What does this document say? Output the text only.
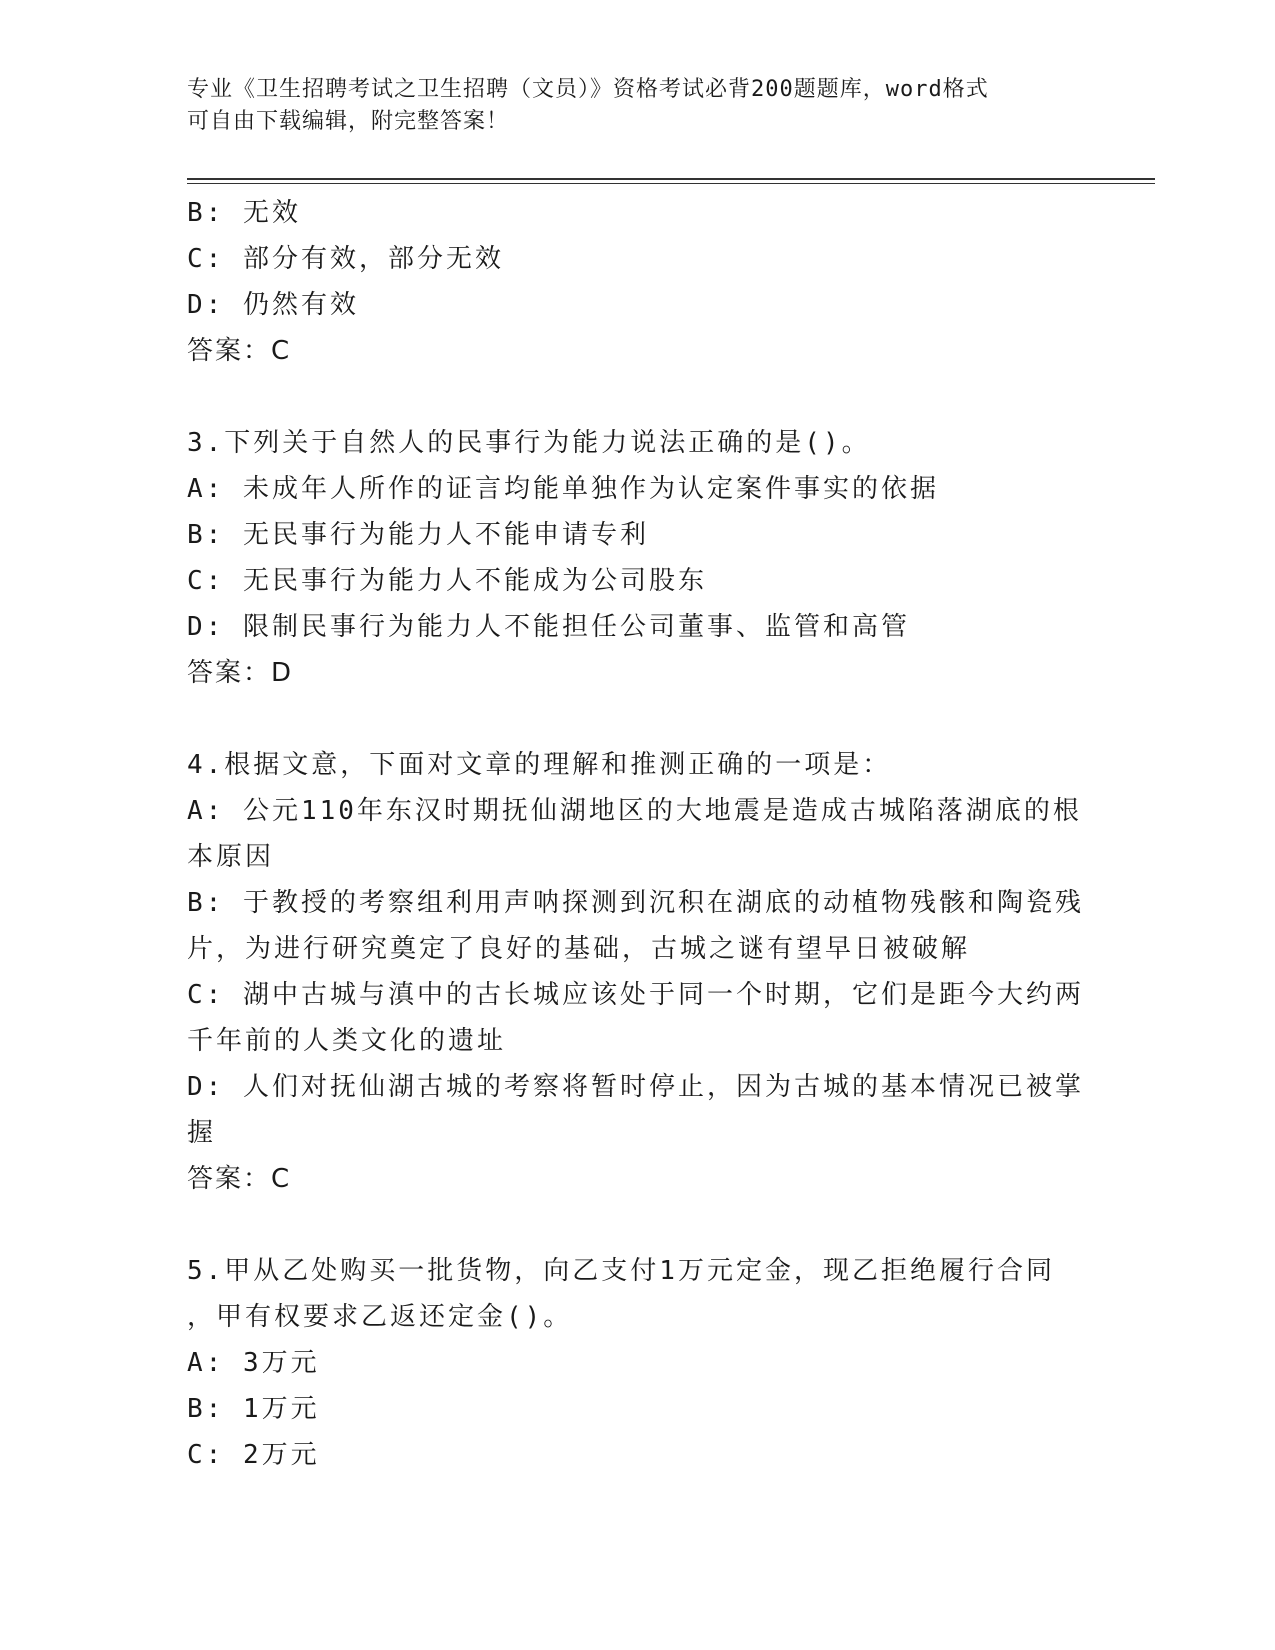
专业《卫生招聘考试之卫生招聘（文员）》资格考试必背200题题库，word格式
可自由下载编辑，附完整答案！
B: 无效
C: 部分有效，部分无效
D: 仍然有效
答案：C
3.下列关于自然人的民事行为能力说法正确的是()。
A: 未成年人所作的证言均能单独作为认定案件事实的依据
B: 无民事行为能力人不能申请专利
C: 无民事行为能力人不能成为公司股东
D: 限制民事行为能力人不能担任公司董事、监管和高管
答案：D
4.根据文意，下面对文章的理解和推测正确的一项是：
A: 公元110年东汉时期抚仙湖地区的大地震是造成古城陷落湖底的根
本原因
B: 于教授的考察组利用声呐探测到沉积在湖底的动植物残骸和陶瓷残
片，为进行研究奠定了良好的基础，古城之谜有望早日被破解
C: 湖中古城与滇中的古长城应该处于同一个时期，它们是距今大约两
千年前的人类文化的遗址
D: 人们对抚仙湖古城的考察将暂时停止，因为古城的基本情况已被掌
握
答案：C
5.甲从乙处购买一批货物，向乙支付1万元定金，现乙拒绝履行合同
，甲有权要求乙返还定金()。
A: 3万元
B: 1万元
C: 2万元
